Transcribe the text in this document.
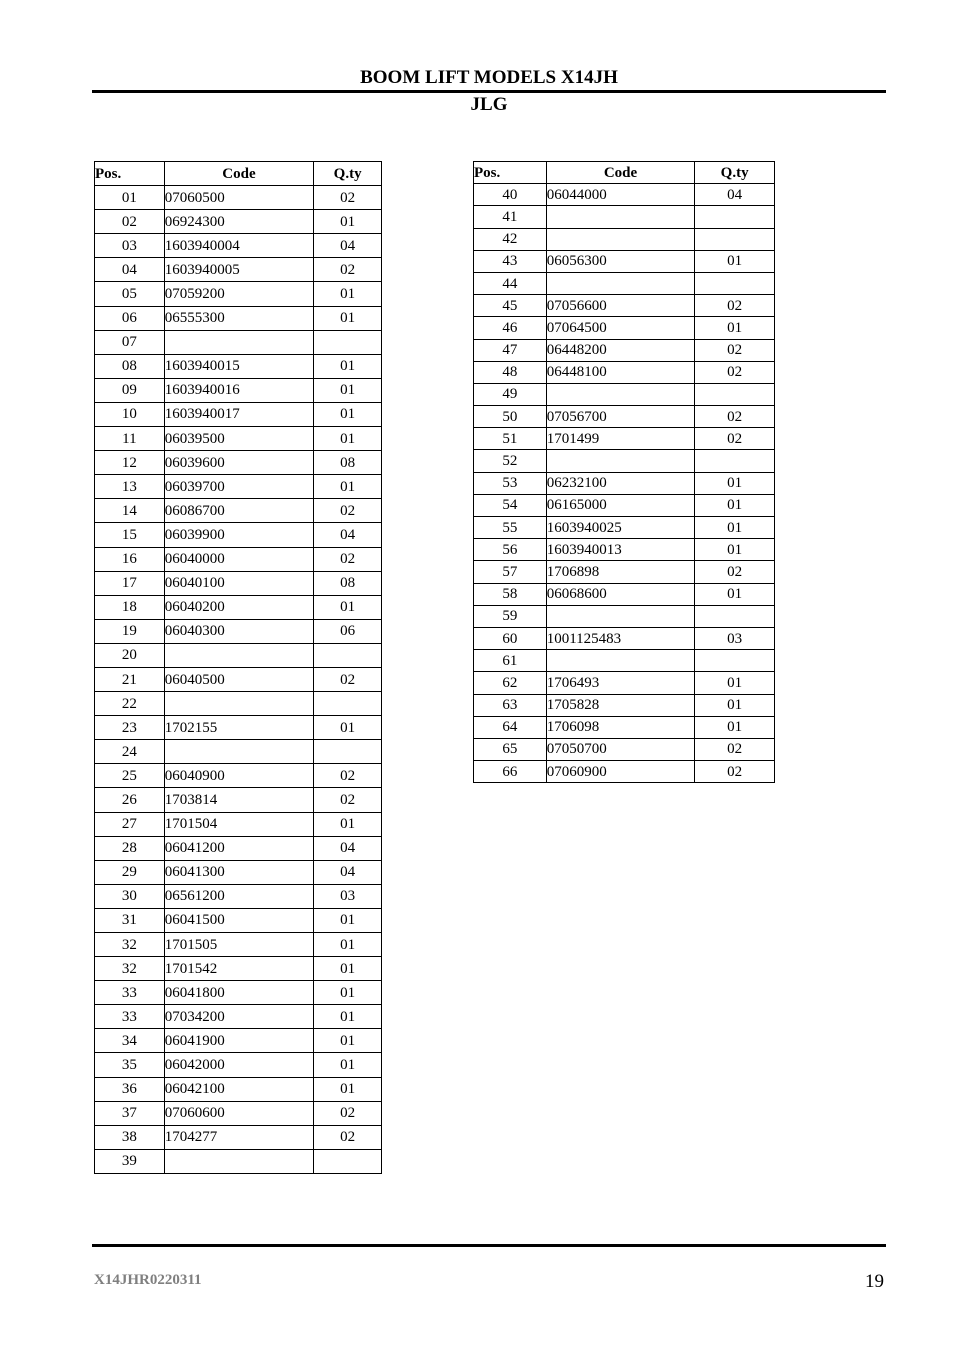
BOOM LIFT MODELS X14JH
JLG
Pos.	Code	Q.ty
01	07060500	02
02	06924300	01
03	1603940004	04
04	1603940005	02
05	07059200	01
06	06555300	01
07		
08	1603940015	01
09	1603940016	01
10	1603940017	01
11	06039500	01
12	06039600	08
13	06039700	01
14	06086700	02
15	06039900	04
16	06040000	02
17	06040100	08
18	06040200	01
19	06040300	06
20		
21	06040500	02
22		
23	1702155	01
24		
25	06040900	02
26	1703814	02
27	1701504	01
28	06041200	04
29	06041300	04
30	06561200	03
31	06041500	01
32	1701505	01
32	1701542	01
33	06041800	01
33	07034200	01
34	06041900	01
35	06042000	01
36	06042100	01
37	07060600	02
38	1704277	02
39		
Pos.	Code	Q.ty
40	06044000	04
41		
42		
43	06056300	01
44		
45	07056600	02
46	07064500	01
47	06448200	02
48	06448100	02
49		
50	07056700	02
51	1701499	02
52		
53	06232100	01
54	06165000	01
55	1603940025	01
56	1603940013	01
57	1706898	02
58	06068600	01
59		
60	1001125483	03
61		
62	1706493	01
63	1705828	01
64	1706098	01
65	07050700	02
66	07060900	02
X14JHR0220311	19
